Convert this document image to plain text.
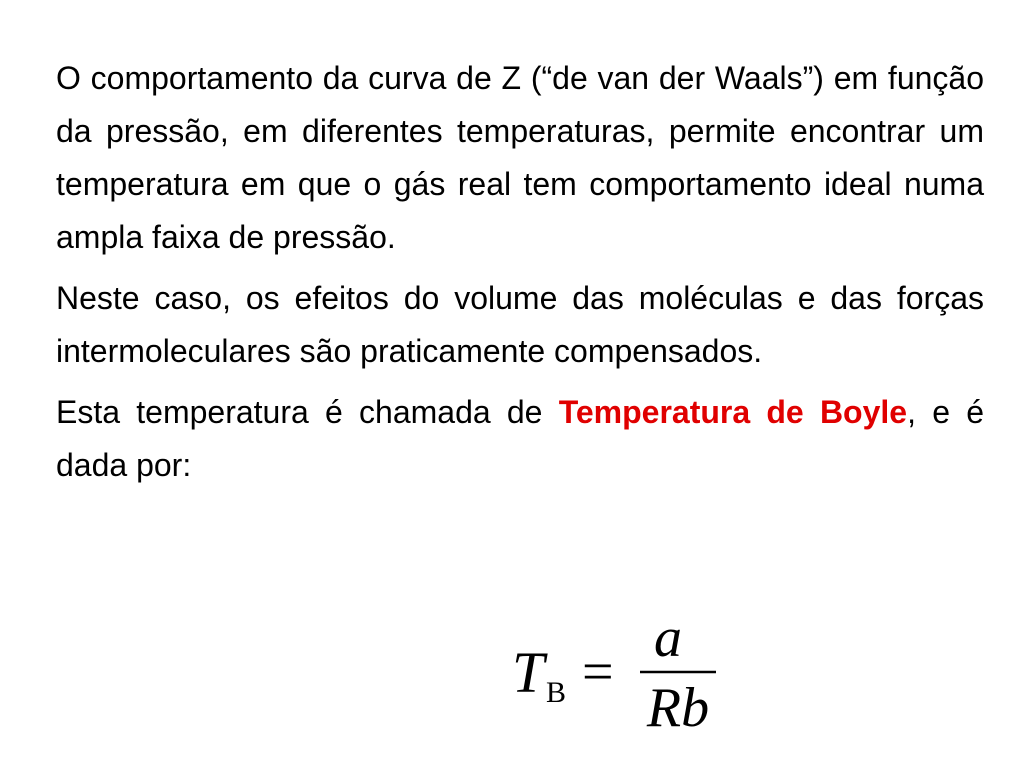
O comportamento da curva de Z (“de van der Waals”) em função da pressão, em diferentes temperaturas, permite encontrar um temperatura em que o gás real tem comportamento ideal numa ampla faixa de pressão.

Neste caso, os efeitos do volume das moléculas e das forças intermoleculares são praticamente compensados.

Esta temperatura é chamada de Temperatura de Boyle, e é dada por:

T B =
a
Rb
